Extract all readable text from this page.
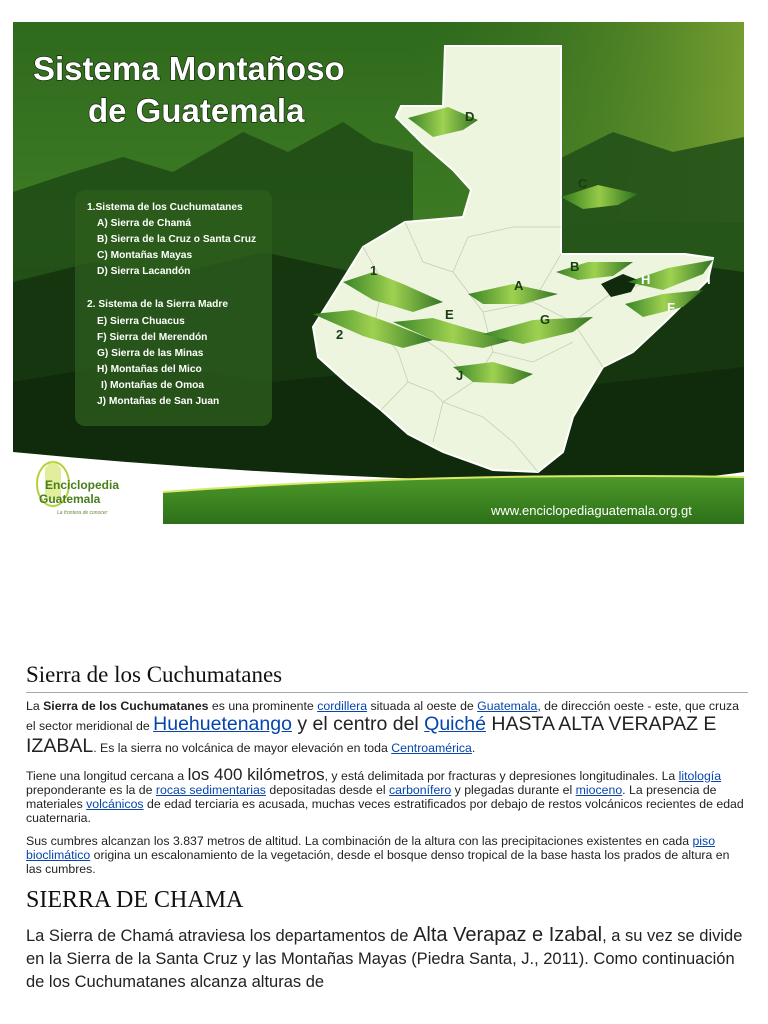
D
C
1
A
B
H	I
F
2
E	G
J
Sistema Montañoso
de Guatemala
1.Sistema de los Cuchumatanes
A) Sierra de Chamá
B) Sierra de la Cruz o Santa Cruz
C) Montañas Mayas
D) Sierra Lacandón
2. Sistema de la Sierra Madre
E) Sierra Chuacus
F) Sierra del Merendón
G) Sierra de las Minas
H) Montañas del Mico
I) Montañas de Omoa
J) Montañas de San Juan
Enciclopedia
Guatemala
La frontera de conocer	www.enciclopediaguatemala.org.gt
Sierra de los Cuchumatanes

La Sierra de los Cuchumatanes es una prominente cordillera situada al oeste de Guatemala, de dirección oeste - este, que cruza el sector meridional de Huehuetenango y el centro del Quiché HASTA ALTA VERAPAZ E IZABAL. Es la sierra no volcánica de mayor elevación en toda Centroamérica.

Tiene una longitud cercana a los 400 kilómetros, y está delimitada por fracturas y depresiones longitudinales. La litología preponderante es la de rocas sedimentarias depositadas desde el carbonífero y plegadas durante el mioceno. La presencia de materiales volcánicos de edad terciaria es acusada, muchas veces estratificados por debajo de restos volcánicos recientes de edad cuaternaria.

Sus cumbres alcanzan los 3.837 metros de altitud. La combinación de la altura con las precipitaciones existentes en cada piso bioclimático origina un escalonamiento de la vegetación, desde el bosque denso tropical de la base hasta los prados de altura en las cumbres.

SIERRA DE CHAMA

La Sierra de Chamá atraviesa los departamentos de Alta Verapaz e Izabal, a su vez se divide en la Sierra de la Santa Cruz y las Montañas Mayas (Piedra Santa, J., 2011). Como continuación de los Cuchumatanes alcanza alturas de
